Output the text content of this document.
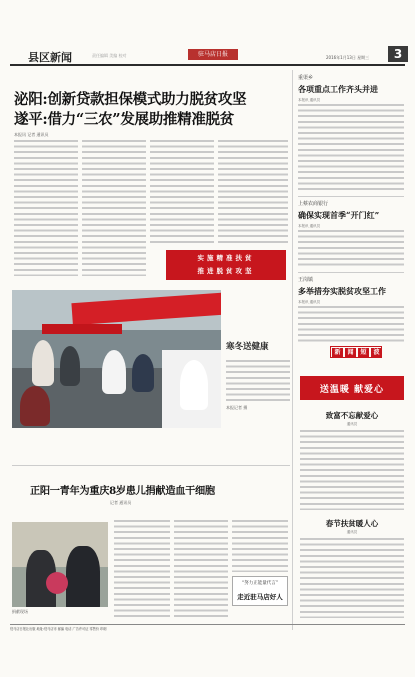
县区新闻	责任编辑 美编 校对	驻马店日报	2016年1月13日 星期三	3
泌阳:创新贷款担保模式助力脱贫攻坚
遂平:借力“三农”发展助推精准脱贫
本报讯 记者 通讯员
实施精准扶贫
推进脱贫攻坚
寒冬送健康
本报记者 摄
正阳一青年为重庆8岁患儿捐献造血干细胞
记者 通讯员
捐献现场
“努力正能量代言”
走近驻马店好人
重渠乡
各项重点工作齐头并进
本报讯 通讯员
上蔡农商银行
确保实现首季“开门红”
本报讯 通讯员
王岗镇
多举措夯实脱贫攻坚工作
本报讯 通讯员
新	闻	短	波
送温暖 献爱心
致富不忘献爱心
通讯员
春节扶贫暖人心
通讯员
驻马店日报社出版 地址:驻马店市 邮编 电话 广告许可证 零售价 印刷
